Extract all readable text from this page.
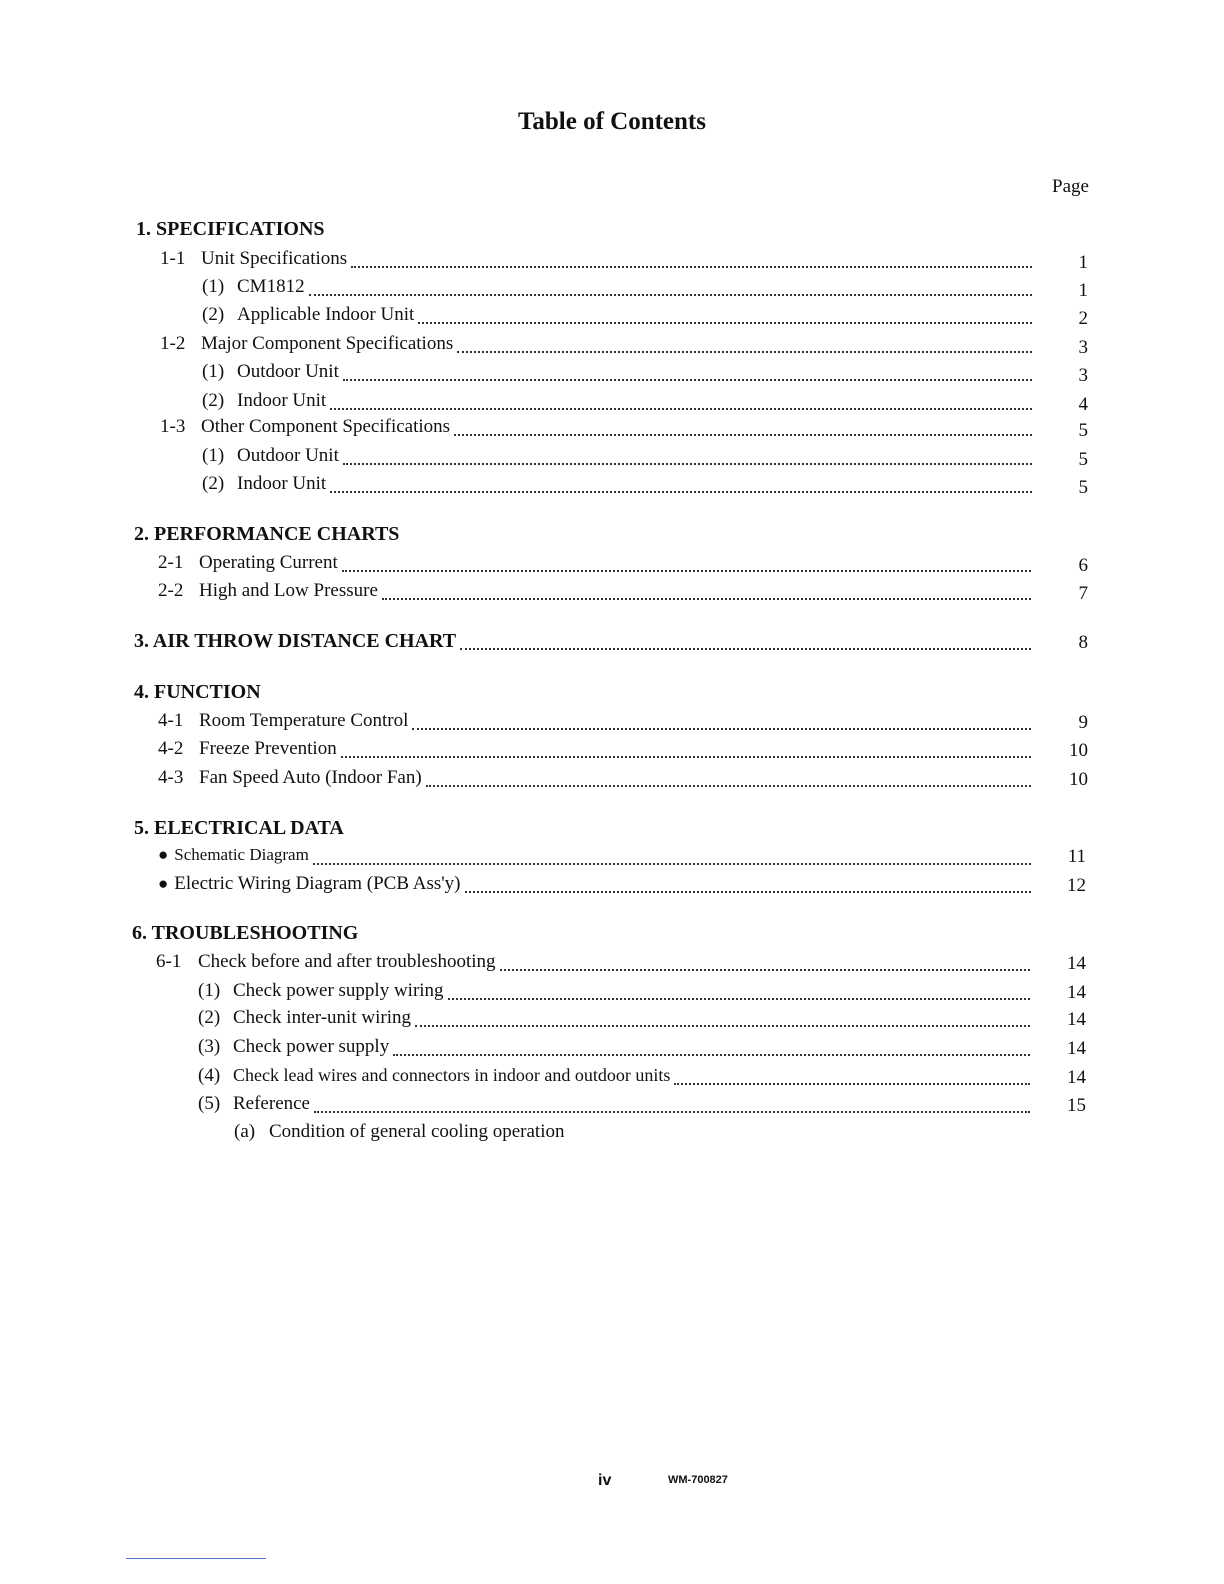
Table of Contents
Page
1. SPECIFICATIONS
1-1 Unit Specifications	1
(1) CM1812	1
(2) Applicable Indoor Unit	2
1-2 Major Component Specifications	3
(1) Outdoor Unit	3
(2) Indoor Unit	4
1-3 Other Component Specifications	5
(1) Outdoor Unit	5
(2) Indoor Unit	5
2. PERFORMANCE CHARTS
2-1 Operating Current	6
2-2 High and Low Pressure	7
3. AIR THROW DISTANCE CHART	8
4. FUNCTION
4-1 Room Temperature Control	9
4-2 Freeze Prevention	10
4-3 Fan Speed Auto (Indoor Fan)	10
5. ELECTRICAL DATA
● Schematic Diagram	11
● Electric Wiring Diagram (PCB Ass'y)	12
6. TROUBLESHOOTING
6-1 Check before and after troubleshooting	14
(1) Check power supply wiring	14
(2) Check inter-unit wiring	14
(3) Check power supply	14
(4) Check lead wires and connectors in indoor and outdoor units	14
(5) Reference	15
(a) Condition of general cooling operation
iv	WM-700827
